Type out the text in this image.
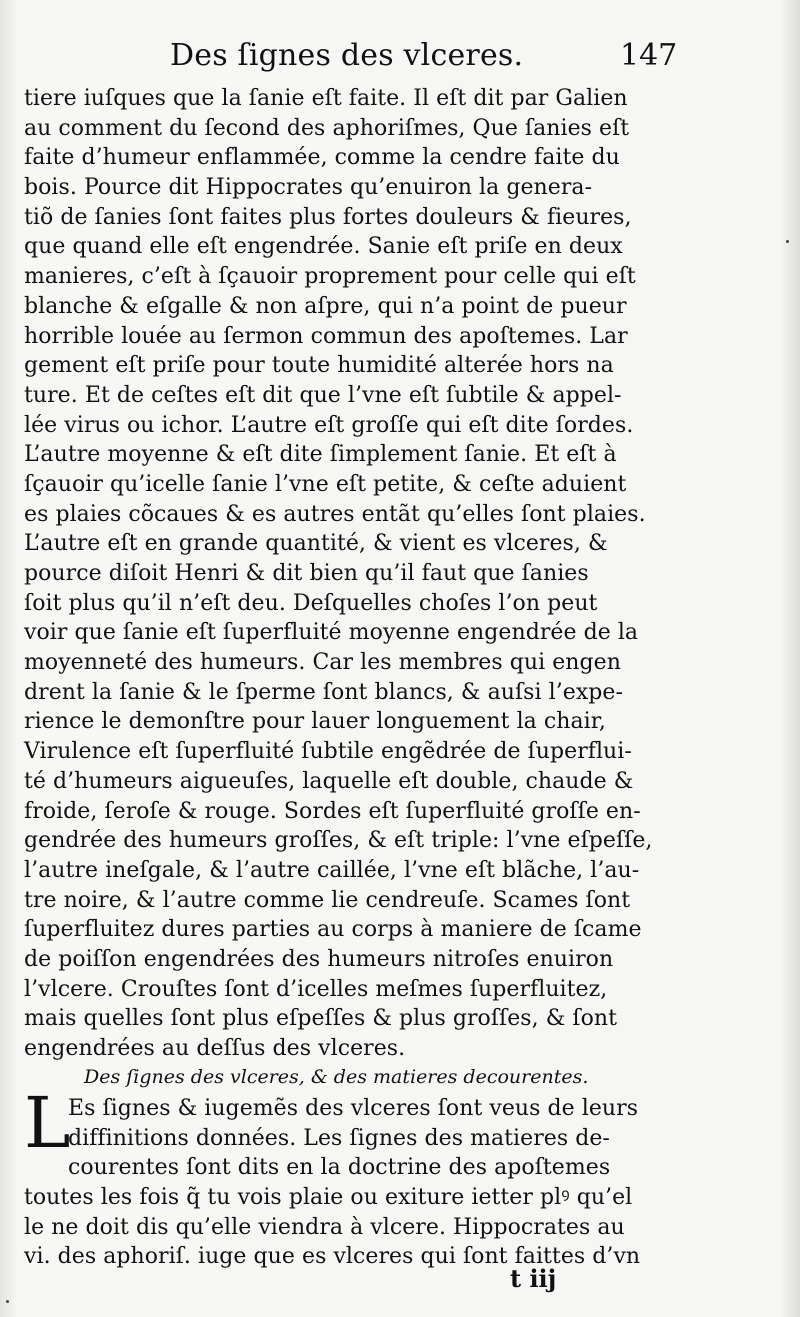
Des ſignes des vlceres.	147
tiere iuſques que la ſanie eſt faite. Il eſt dit par Galien
au comment du ſecond des aphoriſmes, Que ſanies eſt
faite d’humeur enflammée, comme la cendre faite du
bois. Pource dit Hippocrates qu’enuiron la genera-
tiõ de ſanies ſont faites plus fortes douleurs & fieures,
que quand elle eſt engendrée. Sanie eſt priſe en deux
manieres, c’eſt à ſçauoir proprement pour celle qui eſt
blanche & eſgalle & non aſpre, qui n’a point de pueur
horrible louée au ſermon commun des apoſtemes. Lar
gement eſt priſe pour toute humidité alterée hors na
ture. Et de ceſtes eſt dit que l’vne eſt ſubtile & appel-
lée virus ou ichor. L’autre eſt groſſe qui eſt dite ſordes.
L’autre moyenne & eſt dite ſimplement ſanie. Et eſt à
ſçauoir qu’icelle ſanie l’vne eſt petite, & ceſte aduient
es plaies cõcaues & es autres entãt qu’elles ſont plaies.
L’autre eſt en grande quantité, & vient es vlceres, &
pource diſoit Henri & dit bien qu’il faut que ſanies
ſoit plus qu’il n’eſt deu. Deſquelles choſes l’on peut
voir que ſanie eſt ſuperfluité moyenne engendrée de la
moyenneté des humeurs. Car les membres qui engen
drent la ſanie & le ſperme ſont blancs, & auſsi l’expe-
rience le demonſtre pour lauer longuement la chair,
Virulence eſt ſuperfluité ſubtile engẽdrée de ſuperflui-
té d’humeurs aigueuſes, laquelle eſt double, chaude &
froide, ſeroſe & rouge. Sordes eſt ſuperfluité groſſe en-
gendrée des humeurs groſſes, & eſt triple: l’vne eſpeſſe,
l’autre ineſgale, & l’autre caillée, l’vne eſt blãche, l’au-
tre noire, & l’autre comme lie cendreuſe. Scames ſont
ſuperfluitez dures parties au corps à maniere de ſcame
de poiſſon engendrées des humeurs nitroſes enuiron
l’vlcere. Crouſtes ſont d’icelles meſmes ſuperfluitez,
mais quelles ſont plus eſpeſſes & plus groſſes, & ſont
engendrées au deſſus des vlceres.
Des ſignes des vlceres, & des matieres decourentes.
L
Es ſignes & iugemẽs des vlceres ſont veus de leurs
diffinitions données. Les ſignes des matieres de-
courentes ſont dits en la doctrine des apoſtemes
toutes les fois q̃ tu vois plaie ou exiture ietter plꝰ qu’el
le ne doit dis qu’elle viendra à vlcere. Hippocrates au
vi. des aphoriſ. iuge que es vlceres qui ſont faittes d’vn
t iij
